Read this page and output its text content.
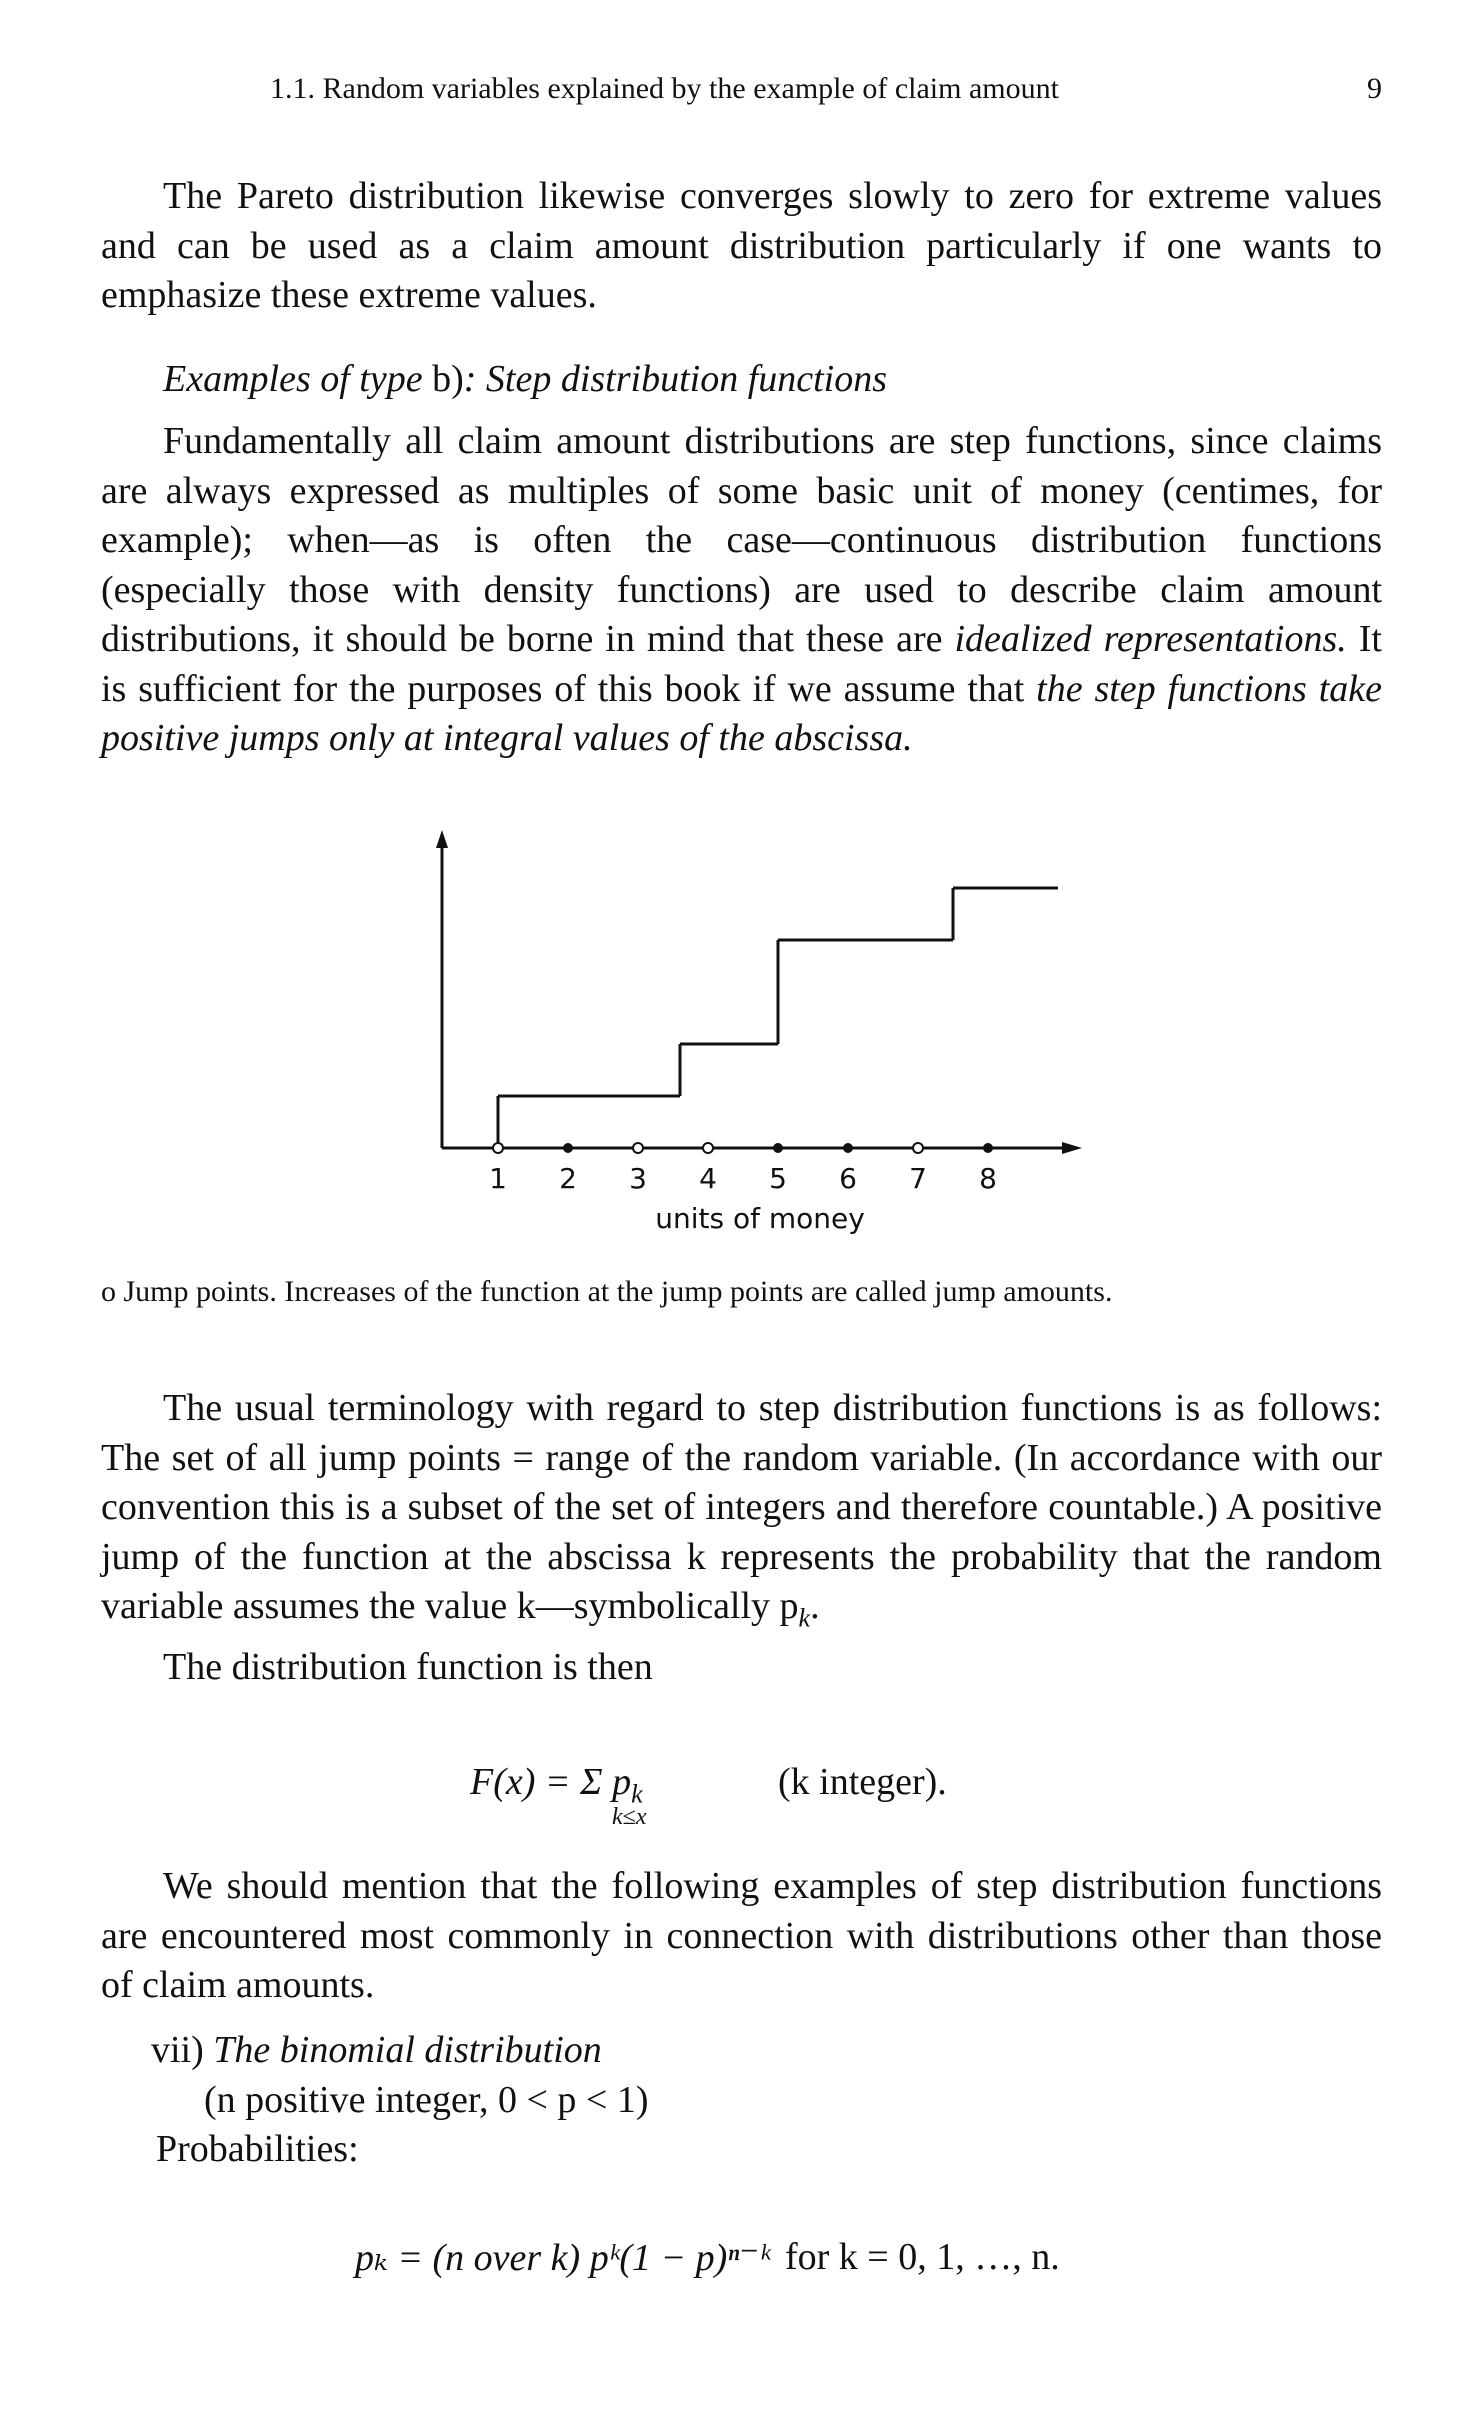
1.1. Random variables explained by the example of claim amount	9

The Pareto distribution likewise converges slowly to zero for extreme values and can be used as a claim amount distribution particularly if one wants to emphasize these extreme values.

Examples of type b): Step distribution functions

Fundamentally all claim amount distributions are step functions, since claims are always expressed as multiples of some basic unit of money (centimes, for example); when—as is often the case—continuous distribution functions (especially those with density functions) are used to describe claim amount distributions, it should be borne in mind that these are idealized representations. It is sufficient for the purposes of this book if we assume that the step functions take positive jumps only at integral values of the abscissa.

1 2 3 4 5 6 7 8
units of money
o Jump points. Increases of the function at the jump points are called jump amounts.

The usual terminology with regard to step distribution functions is as follows: The set of all jump points = range of the random variable. (In accordance with our convention this is a subset of the set of integers and therefore countable.) A positive jump of the function at the abscissa k represents the probability that the random variable assumes the value k—symbolically $p_k$.

The distribution function is then

F(x) = Σ $p_k$
k≤x
(k integer).

We should mention that the following examples of step distribution functions are encountered most commonly in connection with distributions other than those of claim amounts.

vii) The binomial distribution

(n positive integer, 0 < p < 1)

Probabilities:

pₖ = (n over k) pᵏ(1 − p)ⁿ⁻ᵏ for k = 0, 1, …, n.
